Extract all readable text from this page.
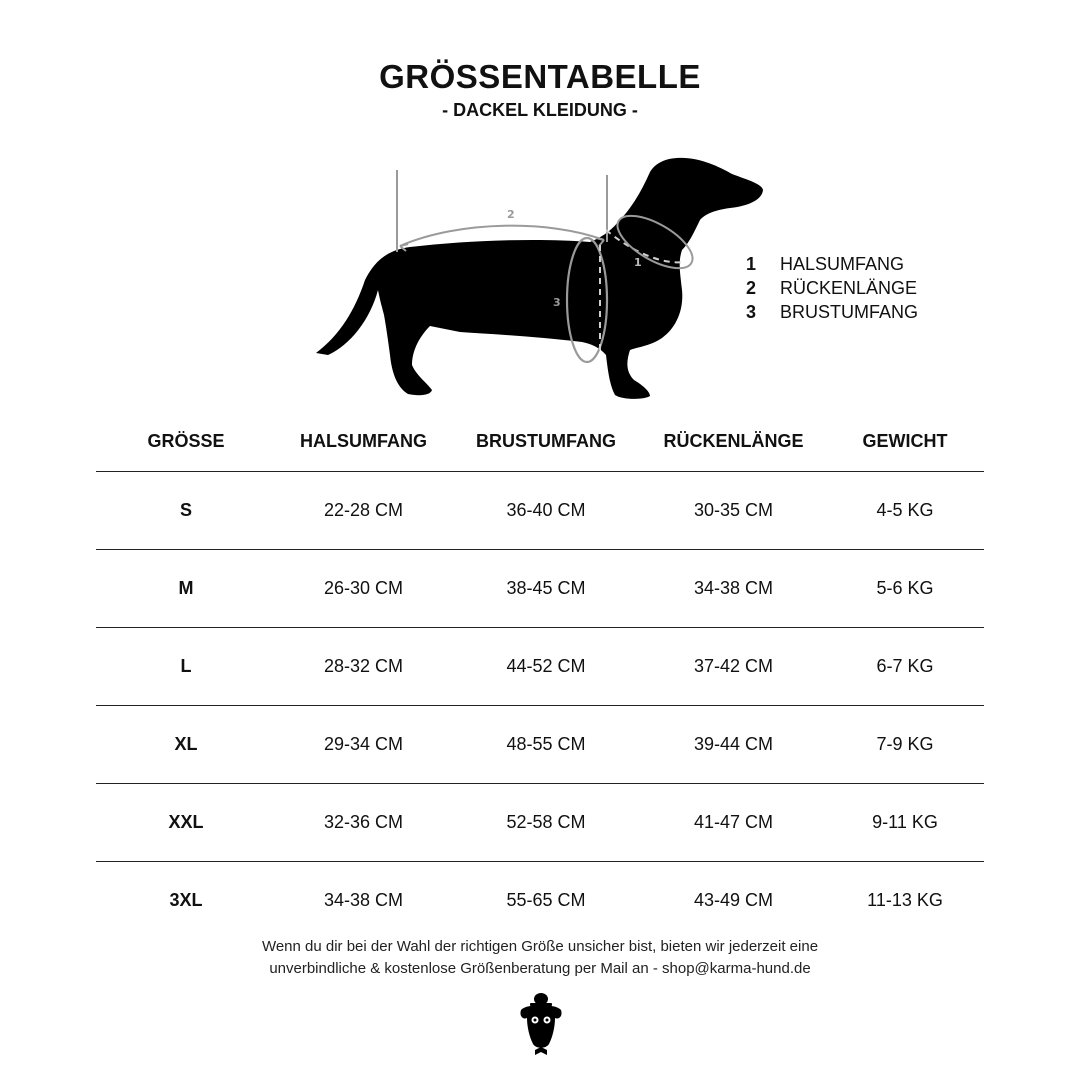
GRÖSSENTABELLE
- DACKEL KLEIDUNG -
2
1
3
1 HALSUMFANG
2 RÜCKENLÄNGE
3 BRUSTUMFANG
GRÖSSE	HALSUMFANG	BRUSTUMFANG	RÜCKENLÄNGE	GEWICHT
S	22-28 CM	36-40 CM	30-35 CM	4-5 KG
M	26-30 CM	38-45 CM	34-38 CM	5-6 KG
L	28-32 CM	44-52 CM	37-42 CM	6-7 KG
XL	29-34 CM	48-55 CM	39-44 CM	7-9 KG
XXL	32-36 CM	52-58 CM	41-47 CM	9-11 KG
3XL	34-38 CM	55-65 CM	43-49 CM	11-13 KG
Wenn du dir bei der Wahl der richtigen Größe unsicher bist, bieten wir jederzeit eine
unverbindliche & kostenlose Größenberatung per Mail an - shop@karma-hund.de
